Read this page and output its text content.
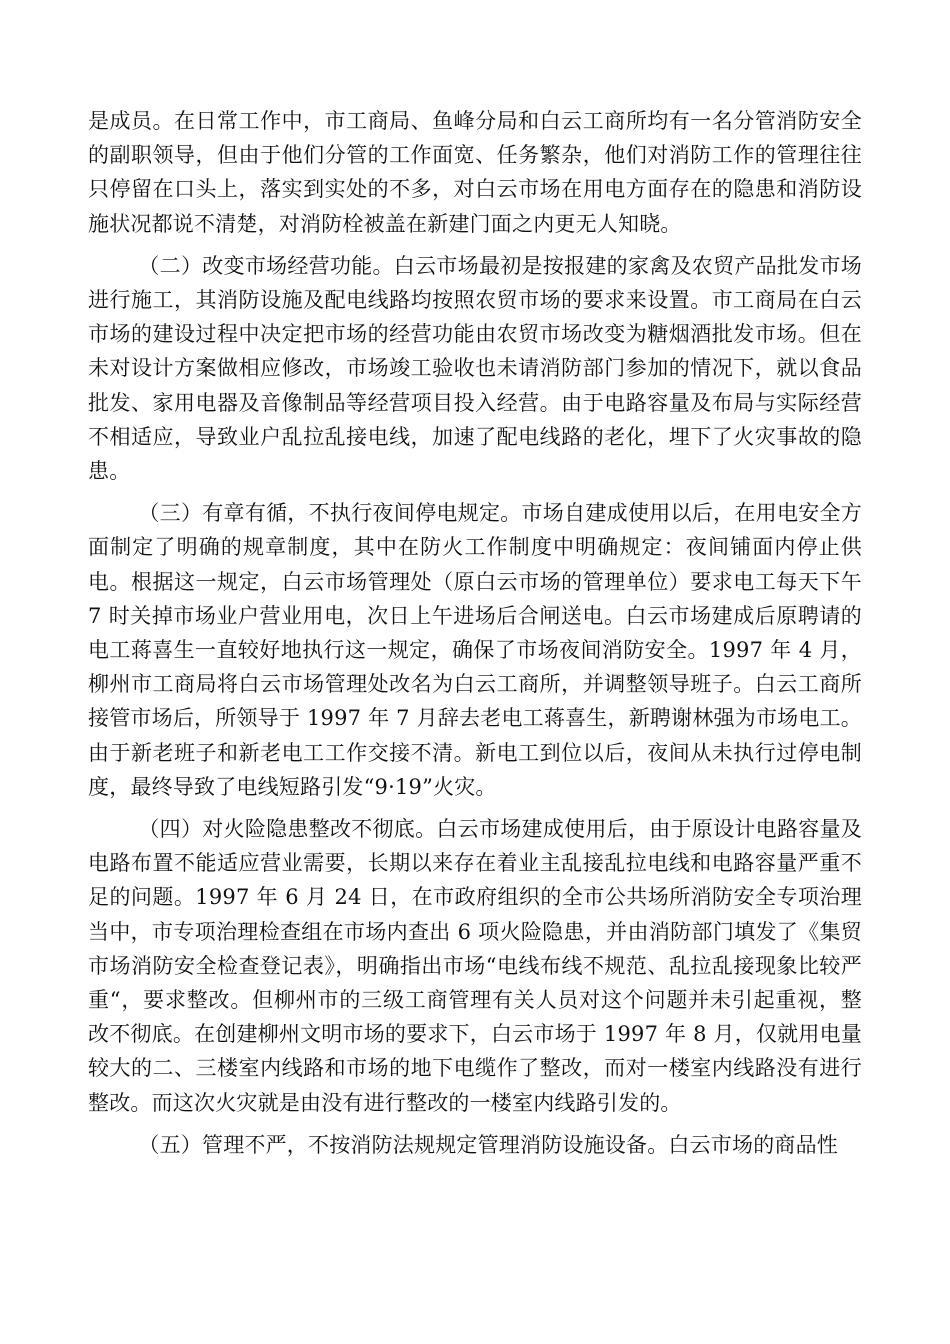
是成员。在日常工作中，市工商局、鱼峰分局和白云工商所均有一名分管消防安全的副职领导，但由于他们分管的工作面宽、任务繁杂，他们对消防工作的管理往往只停留在口头上，落实到实处的不多，对白云市场在用电方面存在的隐患和消防设施状况都说不清楚，对消防栓被盖在新建门面之内更无人知晓。

（二）改变市场经营功能。白云市场最初是按报建的家禽及农贸产品批发市场进行施工，其消防设施及配电线路均按照农贸市场的要求来设置。市工商局在白云市场的建设过程中决定把市场的经营功能由农贸市场改变为糖烟酒批发市场。但在未对设计方案做相应修改，市场竣工验收也未请消防部门参加的情况下，就以食品批发、家用电器及音像制品等经营项目投入经营。由于电路容量及布局与实际经营不相适应，导致业户乱拉乱接电线，加速了配电线路的老化，埋下了火灾事故的隐患。

（三）有章有循，不执行夜间停电规定。市场自建成使用以后，在用电安全方面制定了明确的规章制度，其中在防火工作制度中明确规定：夜间铺面内停止供电。根据这一规定，白云市场管理处（原白云市场的管理单位）要求电工每天下午 7 时关掉市场业户营业用电，次日上午进场后合闸送电。白云市场建成后原聘请的电工蒋喜生一直较好地执行这一规定，确保了市场夜间消防安全。1997 年 4 月，柳州市工商局将白云市场管理处改名为白云工商所，并调整领导班子。白云工商所接管市场后，所领导于 1997 年 7 月辞去老电工蒋喜生，新聘谢林强为市场电工。由于新老班子和新老电工工作交接不清。新电工到位以后，夜间从未执行过停电制度，最终导致了电线短路引发“9·19”火灾。

（四）对火险隐患整改不彻底。白云市场建成使用后，由于原设计电路容量及电路布置不能适应营业需要，长期以来存在着业主乱接乱拉电线和电路容量严重不足的问题。1997 年 6 月 24 日，在市政府组织的全市公共场所消防安全专项治理当中，市专项治理检查组在市场内查出 6 项火险隐患，并由消防部门填发了《集贸市场消防安全检查登记表》，明确指出市场“电线布线不规范、乱拉乱接现象比较严重“，要求整改。但柳州市的三级工商管理有关人员对这个问题并未引起重视，整改不彻底。在创建柳州文明市场的要求下，白云市场于 1997 年 8 月，仅就用电量较大的二、三楼室内线路和市场的地下电缆作了整改，而对一楼室内线路没有进行整改。而这次火灾就是由没有进行整改的一楼室内线路引发的。

（五）管理不严，不按消防法规规定管理消防设施设备。白云市场的商品性
